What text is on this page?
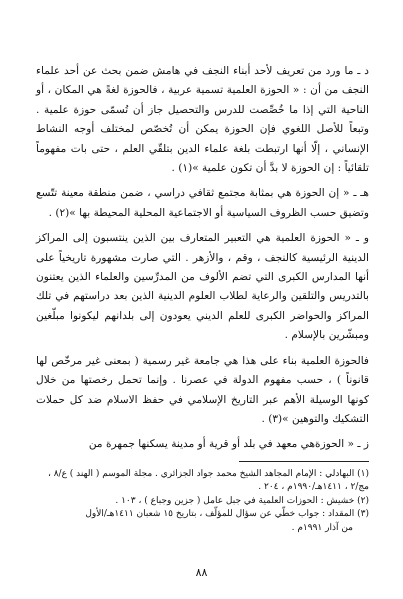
د ـ ما ورد من تعريف لأحد أبناء النجف في هامش ضمن بحث عن أحد علماء النجف من أن : « الحوزة العلمية تسمية عربية ، فالحوزة لغةً هي المكان ، أو الناحية التي إذا ما خُصِّصت للدرس والتحصيل جاز أن تُسمّى حوزة علمية . وتبعاً للأصل اللغوي فإن الحوزة يمكن أن تُخصّص لمختلف أوجه النشاط الإنساني ، إلّا أنها ارتبطت بلغة علماء الدين بتلقّي العلم ، حتى بات مفهوماً تلقائياً : إن الحوزة لا بدَّ أن تكون علمية »(١) .

هـ ـ « إن الحوزة هي بمثابة مجتمع ثقافي دراسي ، ضمن منطقة معينة تتّسع وتضيق حسب الظروف السياسية أو الاجتماعية المحلية المحيطة بها »(٢) .

و ـ « الحوزة العلمية هي التعبير المتعارف بين الذين ينتسبون إلى المراكز الدينية الرئيسية كالنجف ، وقم ، والأزهر . التي صارت مشهورة تاريخياً على أنها المدارس الكبرى التي تضم الألوف من المدرِّسين والعلماء الذين يعتنون بالتدريس والتلقين والرعاية لطلاب العلوم الدينية الذين بعد دراستهم في تلك المراكز والحواضر الكبرى للعلم الديني يعودون إلى بلدانهم ليكونوا مبلّغين ومبشّرين بالإسلام .

فالحوزة العلمية بناء على هذا هي جامعة غير رسمية ( بمعنى غير مرخّص لها قانوناً ) ، حسب مفهوم الدولة في عصرنا . وإنما تحمل رخصتها من خلال كونها الوسيلة الأهم عبر التاريخ الإسلامي في حفظ الاسلام ضد كل حملات التشكيك والتوهين »(٣) .

ز ـ « الحوزةهي معهد في بلد أو قرية أو مدينة يسكنها جمهرة من

(١) البهادلي : الإمام المجاهد الشيخ محمد جواد الجزائري . مجلة الموسم ( الهند ) ع/٨ ، مج/٢ ، ١٤١١هـ/١٩٩٠م ، ٢٠٤ .

(٢) خشيش : الحوزات العلمية في جبل عامل ( جزين وجباع ) ، ١٠٣ .

(٣) المقداد : جواب خطّي عن سؤال للمؤلّف ، بتاريخ ١٥ شعبان ١٤١١هـ/الأول

من آذار ١٩٩١م .

٨٨
